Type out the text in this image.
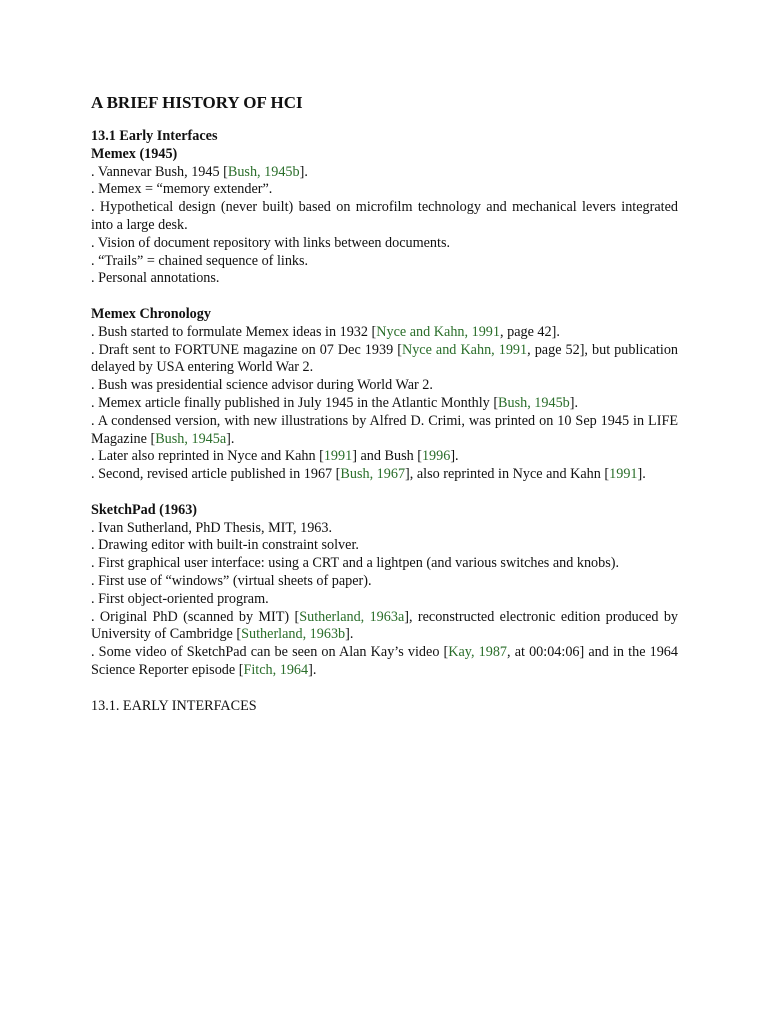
A BRIEF HISTORY OF HCI
13.1 Early Interfaces
Memex (1945)
. Vannevar Bush, 1945 [Bush, 1945b].
. Memex = “memory extender”.
. Hypothetical design (never built) based on microfilm technology and mechanical levers integrated into a large desk.
. Vision of document repository with links between documents.
. “Trails” = chained sequence of links.
. Personal annotations.
Memex Chronology
. Bush started to formulate Memex ideas in 1932 [Nyce and Kahn, 1991, page 42].
. Draft sent to FORTUNE magazine on 07 Dec 1939 [Nyce and Kahn, 1991, page 52], but publication delayed by USA entering World War 2.
. Bush was presidential science advisor during World War 2.
. Memex article finally published in July 1945 in the Atlantic Monthly [Bush, 1945b].
. A condensed version, with new illustrations by Alfred D. Crimi, was printed on 10 Sep 1945 in LIFE Magazine [Bush, 1945a].
. Later also reprinted in Nyce and Kahn [1991] and Bush [1996].
. Second, revised article published in 1967 [Bush, 1967], also reprinted in Nyce and Kahn [1991].
SketchPad (1963)
. Ivan Sutherland, PhD Thesis, MIT, 1963.
. Drawing editor with built-in constraint solver.
. First graphical user interface: using a CRT and a lightpen (and various switches and knobs).
. First use of “windows” (virtual sheets of paper).
. First object-oriented program.
. Original PhD (scanned by MIT) [Sutherland, 1963a], reconstructed electronic edition produced by University of Cambridge [Sutherland, 1963b].
. Some video of SketchPad can be seen on Alan Kay’s video [Kay, 1987, at 00:04:06] and in the 1964 Science Reporter episode [Fitch, 1964].
13.1. EARLY INTERFACES
